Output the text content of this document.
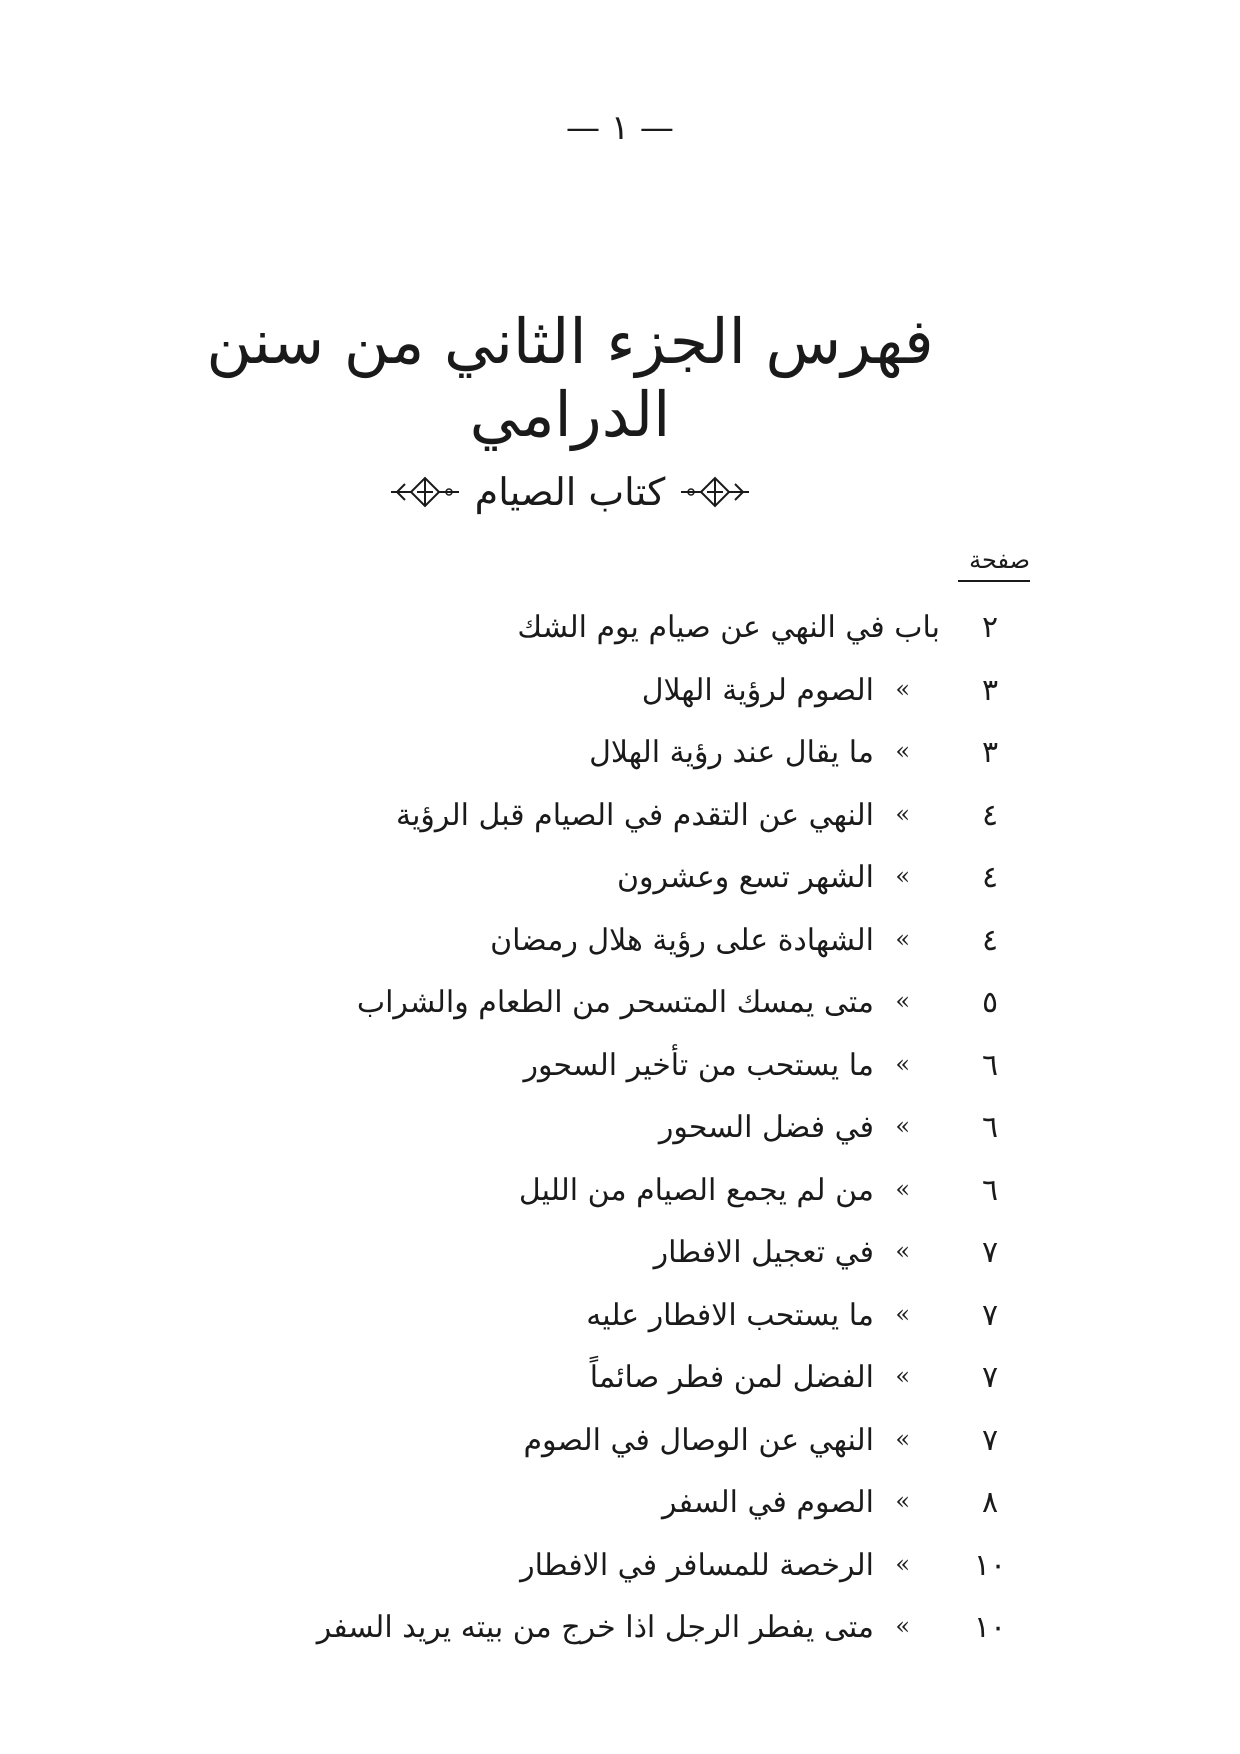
— ١ —
فهرس الجزء الثاني من سنن الدرامي
كتاب الصيام
صفحة
٢
باب في النهي عن صيام يوم الشك
٣
»
الصوم لرؤية الهلال
٣
»
ما يقال عند رؤية الهلال
٤
»
النهي عن التقدم في الصيام قبل الرؤية
٤
»
الشهر تسع وعشرون
٤
»
الشهادة على رؤية هلال رمضان
٥
»
متى يمسك المتسحر من الطعام والشراب
٦
»
ما يستحب من تأخير السحور
٦
»
في فضل السحور
٦
»
من لم يجمع الصيام من الليل
٧
»
في تعجيل الافطار
٧
»
ما يستحب الافطار عليه
٧
»
الفضل لمن فطر صائماً
٧
»
النهي عن الوصال في الصوم
٨
»
الصوم في السفر
١٠
»
الرخصة للمسافر في الافطار
١٠
»
متى يفطر الرجل اذا خرج من بيته يريد السفر
